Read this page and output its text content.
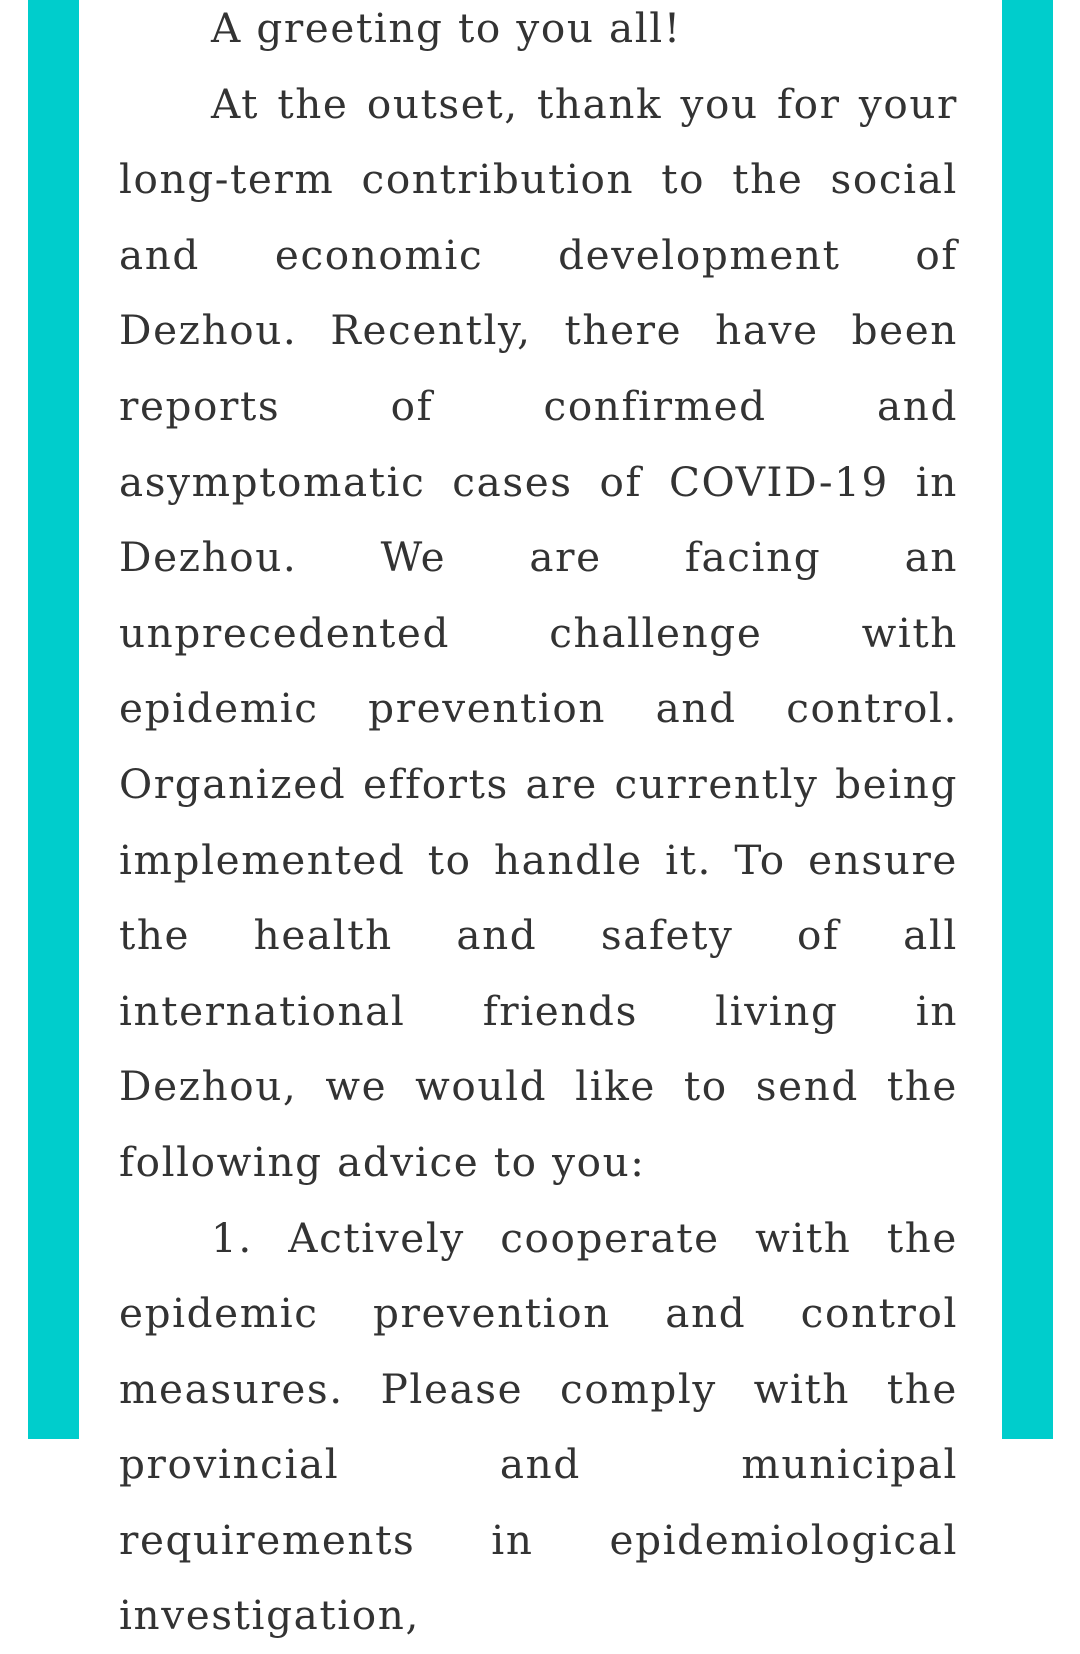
A greeting to you all!

At the outset, thank you for your long-term contribution to the social and economic development of Dezhou. Recently, there have been reports of confirmed and asymptomatic cases of COVID-19 in Dezhou. We are facing an unprecedented challenge with epidemic prevention and control. Organized efforts are currently being implemented to handle it. To ensure the health and safety of all international friends living in Dezhou, we would like to send the following advice to you:

1. Actively cooperate with the epidemic prevention and control measures. Please comply with the provincial and municipal requirements in epidemiological investigation,
